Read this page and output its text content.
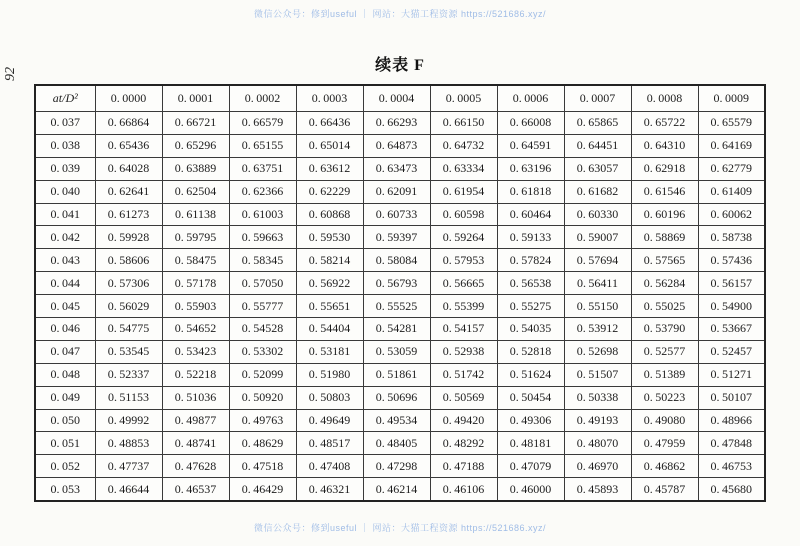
微信公众号：修到useful ｜ 网站：大猫工程资源 https://521686.xyz/
92	续表 F
at/D²	0. 0000	0. 0001	0. 0002	0. 0003	0. 0004	0. 0005	0. 0006	0. 0007	0. 0008	0. 0009
0. 037	0. 66864	0. 66721	0. 66579	0. 66436	0. 66293	0. 66150	0. 66008	0. 65865	0. 65722	0. 65579
0. 038	0. 65436	0. 65296	0. 65155	0. 65014	0. 64873	0. 64732	0. 64591	0. 64451	0. 64310	0. 64169
0. 039	0. 64028	0. 63889	0. 63751	0. 63612	0. 63473	0. 63334	0. 63196	0. 63057	0. 62918	0. 62779
0. 040	0. 62641	0. 62504	0. 62366	0. 62229	0. 62091	0. 61954	0. 61818	0. 61682	0. 61546	0. 61409
0. 041	0. 61273	0. 61138	0. 61003	0. 60868	0. 60733	0. 60598	0. 60464	0. 60330	0. 60196	0. 60062
0. 042	0. 59928	0. 59795	0. 59663	0. 59530	0. 59397	0. 59264	0. 59133	0. 59007	0. 58869	0. 58738
0. 043	0. 58606	0. 58475	0. 58345	0. 58214	0. 58084	0. 57953	0. 57824	0. 57694	0. 57565	0. 57436
0. 044	0. 57306	0. 57178	0. 57050	0. 56922	0. 56793	0. 56665	0. 56538	0. 56411	0. 56284	0. 56157
0. 045	0. 56029	0. 55903	0. 55777	0. 55651	0. 55525	0. 55399	0. 55275	0. 55150	0. 55025	0. 54900
0. 046	0. 54775	0. 54652	0. 54528	0. 54404	0. 54281	0. 54157	0. 54035	0. 53912	0. 53790	0. 53667
0. 047	0. 53545	0. 53423	0. 53302	0. 53181	0. 53059	0. 52938	0. 52818	0. 52698	0. 52577	0. 52457
0. 048	0. 52337	0. 52218	0. 52099	0. 51980	0. 51861	0. 51742	0. 51624	0. 51507	0. 51389	0. 51271
0. 049	0. 51153	0. 51036	0. 50920	0. 50803	0. 50696	0. 50569	0. 50454	0. 50338	0. 50223	0. 50107
0. 050	0. 49992	0. 49877	0. 49763	0. 49649	0. 49534	0. 49420	0. 49306	0. 49193	0. 49080	0. 48966
0. 051	0. 48853	0. 48741	0. 48629	0. 48517	0. 48405	0. 48292	0. 48181	0. 48070	0. 47959	0. 47848
0. 052	0. 47737	0. 47628	0. 47518	0. 47408	0. 47298	0. 47188	0. 47079	0. 46970	0. 46862	0. 46753
0. 053	0. 46644	0. 46537	0. 46429	0. 46321	0. 46214	0. 46106	0. 46000	0. 45893	0. 45787	0. 45680
微信公众号：修到useful ｜ 网站：大猫工程资源 https://521686.xyz/
